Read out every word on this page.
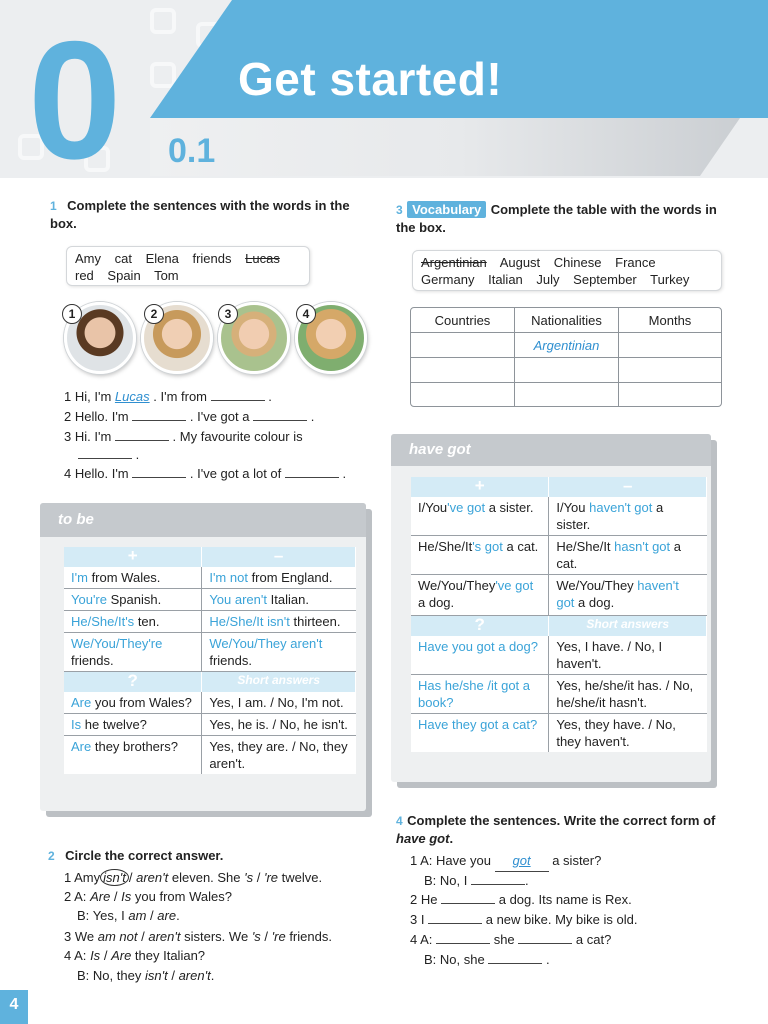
0	Get started!
0.1
1 Complete the sentences with the words in the box.
Amy cat Elena friends Lucas
red Spain Tom
1	2	3	4
1 Hi, I'm Lucas . I'm from	.
2 Hello. I'm	. I've got a	.
3 Hi. I'm	. My favourite colour is
.
4 Hello. I'm	. I've got a lot of	.
to be
+	–
I'm from Wales.	I'm not from England.
You're Spanish.	You aren't Italian.
He/She/It's ten.	He/She/It isn't thirteen.
We/You/They're friends.	We/You/They aren't friends.
?	Short answers
Are you from Wales?	Yes, I am. / No, I'm not.
Is he twelve?	Yes, he is. / No, he isn't.
Are they brothers?	Yes, they are. / No, they aren't.
2 Circle the correct answer.
1 Amy isn't / aren't eleven. She 's / 're twelve.
2 A: Are / Is you from Wales?
B: Yes, I am / are.
3 We am not / aren't sisters. We 's / 're friends.
4 A: Is / Are they Italian?
B: No, they isn't / aren't.
3 Vocabulary Complete the table with the words in the box.
Argentinian August Chinese France
Germany Italian July September Turkey
Countries	Nationalities	Months
	Argentinian	

have got
+	–
I/You've got a sister.	I/You haven't got a sister.
He/She/It's got a cat.	He/She/It hasn't got a cat.
We/You/They've got a dog.	We/You/They haven't got a dog.
?	Short answers
Have you got a dog?	Yes, I have. / No, I haven't.
Has he/she /it got a book?	Yes, he/she/it has. / No, he/she/it hasn't.
Have they got a cat?	Yes, they have. / No, they haven't.
4 Complete the sentences. Write the correct form of have got.
1 A: Have you got a sister?
B: No, I	.
2 He	a dog. Its name is Rex.
3 I	a new bike. My bike is old.
4 A:	she	a cat?
B: No, she	.
4
